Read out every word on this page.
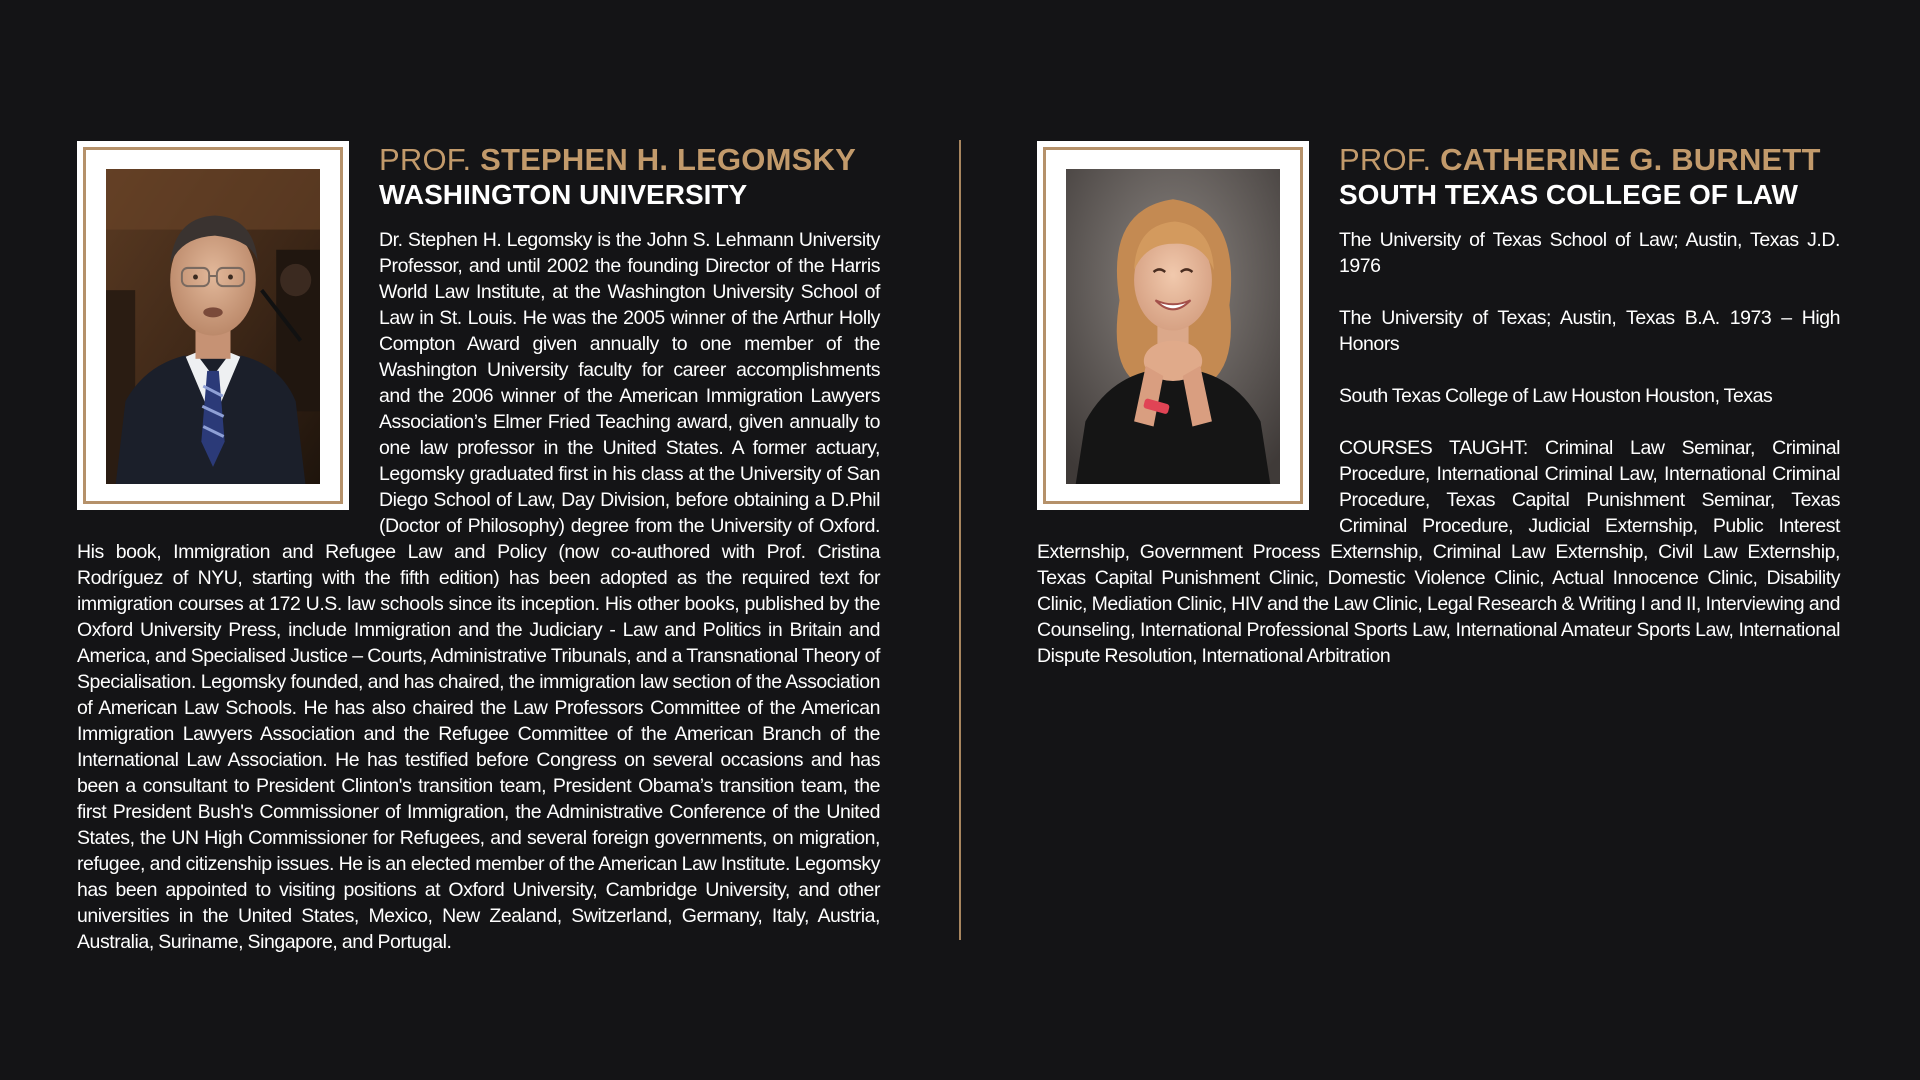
PROF. STEPHEN H. LEGOMSKY
WASHINGTON UNIVERSITY
Dr. Stephen H. Legomsky is the John S. Lehmann University Professor, and until 2002 the founding Director of the Harris World Law Institute, at the Washington University School of Law in St. Louis. He was the 2005 winner of the Arthur Holly Compton Award given annually to one member of the Washington University faculty for career accomplishments and the 2006 winner of the American Immigration Lawyers Association’s Elmer Fried Teaching award, given annually to one law professor in the United States. A former actuary, Legomsky graduated first in his class at the University of San Diego School of Law, Day Division, before obtaining a D.Phil (Doctor of Philosophy) degree from the University of Oxford. His book, Immigration and Refugee Law and Policy (now co-authored with Prof. Cristina Rodríguez of NYU, starting with the fifth edition) has been adopted as the required text for immigration courses at 172 U.S. law schools since its inception. His other books, published by the Oxford University Press, include Immigration and the Judiciary - Law and Politics in Britain and America, and Specialised Justice – Courts, Administrative Tribunals, and a Transnational Theory of Specialisation. Legomsky founded, and has chaired, the immigration law section of the Association of American Law Schools. He has also chaired the Law Professors Committee of the American Immigration Lawyers Association and the Refugee Committee of the American Branch of the International Law Association. He has testified before Congress on several occasions and has been a consultant to President Clinton's transition team, President Obama’s transition team, the first President Bush's Commissioner of Immigration, the Administrative Conference of the United States, the UN High Commissioner for Refugees, and several foreign governments, on migration, refugee, and citizenship issues. He is an elected member of the American Law Institute. Legomsky has been appointed to visiting positions at Oxford University, Cambridge University, and other universities in the United States, Mexico, New Zealand, Switzerland, Germany, Italy, Austria, Australia, Suriname, Singapore, and Portugal.
PROF. CATHERINE G. BURNETT
SOUTH TEXAS COLLEGE OF LAW

The University of Texas School of Law; Austin, Texas J.D. 1976

The University of Texas; Austin, Texas B.A. 1973 – High Honors

South Texas College of Law Houston Houston, Texas

COURSES TAUGHT: Criminal Law Seminar, Criminal Procedure, International Criminal Law, International Criminal Procedure, Texas Capital Punishment Seminar, Texas Criminal Procedure, Judicial Externship, Public Interest Externship, Government Process Externship, Criminal Law Externship, Civil Law Externship, Texas Capital Punishment Clinic, Domestic Violence Clinic, Actual Innocence Clinic, Disability Clinic, Mediation Clinic, HIV and the Law Clinic, Legal Research & Writing I and II, Interviewing and Counseling, International Professional Sports Law, International Amateur Sports Law, International Dispute Resolution, International Arbitration
